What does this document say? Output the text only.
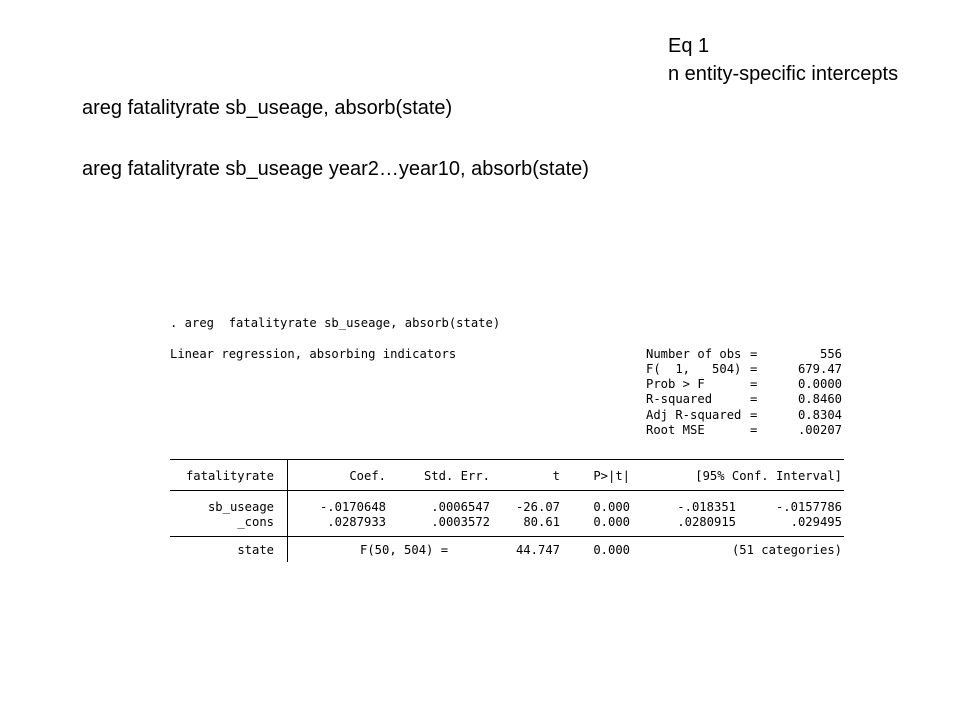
Eq 1
n entity-specific intercepts
areg fatalityrate sb_useage, absorb(state)
areg fatalityrate sb_useage year2…year10, absorb(state)
. areg  fatalityrate sb_useage, absorb(state)
Linear regression, absorbing indicators	Number of obs =	556
F(  1,   504) =	679.47
Prob > F	=	0.0000
R-squared	=	0.8460
Adj R-squared =	0.8304
Root MSE	=	.00207
fatalityrate	Coef.	Std. Err.	t	P>|t|	[95% Conf. Interval]
sb_useage	-.0170648	.0006547	-26.07	0.000	-.018351	-.0157786
_cons	.0287933	.0003572	80.61	0.000	.0280915	.029495
state	F(50, 504) =	44.747	0.000	(51 categories)
